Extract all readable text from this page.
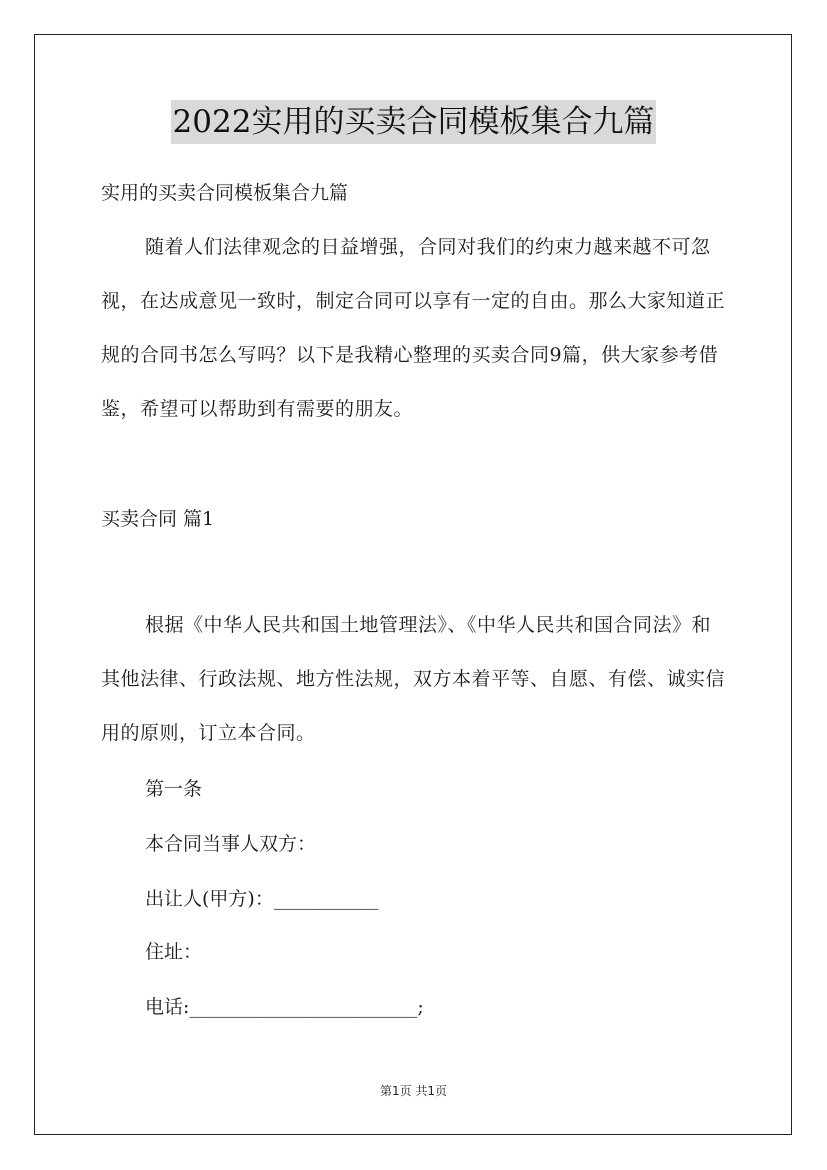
2022实用的买卖合同模板集合九篇
实用的买卖合同模板集合九篇
随着人们法律观念的日益增强，合同对我们的约束力越来越不可忽视，在达成意见一致时，制定合同可以享有一定的自由。那么大家知道正规的合同书怎么写吗？以下是我精心整理的买卖合同9篇，供大家参考借鉴，希望可以帮助到有需要的朋友。
买卖合同 篇1
根据《中华人民共和国土地管理法》、《中华人民共和国合同法》和其他法律、行政法规、地方性法规，双方本着平等、自愿、有偿、诚实信用的原则，订立本合同。
第一条
本合同当事人双方：
出让人(甲方)：___________
住址：
电话:________________________;
第1页 共1页
